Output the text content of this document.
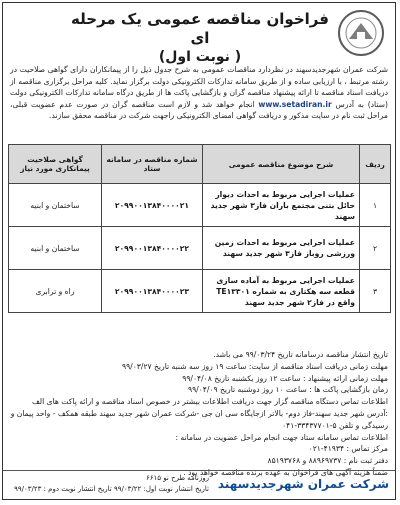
فراخوان مناقصه عمومی یک مرحله ای
( نوبت اول)
شرکت عمران شهرجدیدسهند در نظردارد مناقصات عمومی به شرح جدول ذیل را از پیمانکاران دارای گواهی صلاحیت در رشته مرتبط ، با ارزیابی ساده و از طریق سامانه تدارکات الکترونیکی دولت برگزار نماید. کلیه مراحل برگزاری مناقصه از دریافت اسناد مناقصه تا ارائه پیشنهاد مناقصه گران و بازگشایی پاکت ها از طریق درگاه سامانه تدارکات الکترونیکی دولت (ستاد) به آدرس www.setadiran.ir انجام خواهد شد و لازم است مناقصه گران در صورت عدم عضویت قبلی، مراحل ثبت نام در سایت مذکور و دریافت گواهی امضای الکترونیکی راجهت شرکت در مناقصه محقق سازند.
ردیف	شرح موضوع مناقصه عمومی	شماره مناقصه در سامانه ستاد	گواهی صلاحیت پیمانکاری مورد نیاز
۱	عملیات اجرایی مربوط به احداث دیوار حائل بتنی مجتمع باران فاز۳ شهر جدید سهند	۲۰۹۹۰۰۱۳۸۴۰۰۰۰۲۱	ساختمان و ابنیه
۲	عملیات اجرایی مربوط به احداث زمین ورزشی روباز فاز۳ شهر جدید سهند	۲۰۹۹۰۰۱۳۸۴۰۰۰۰۲۲	ساختمان و ابنیه
۳	عملیات اجرایی مربوط به آماده سازی قطعه سه هکتاری به شماره TE۱۳۳۰۱ واقع در فاز۲ شهر جدید سهند	۲۰۹۹۰۰۱۳۸۴۰۰۰۰۲۳	راه و ترابری

تاریخ انتشار مناقصه درسامانه تاریخ ۹۹/۰۳/۲۴ می باشد.

مهلت زمانی دریافت اسناد مناقصه از سایت: ساعت ۱۹ روز سه شنبه تاریخ ۹۹/۰۳/۲۷

مهلت زمانی ارائه پیشنهاد : ساعت ۱۲ روز یکشنبه تاریخ ۹۹/۰۴/۰۸

زمان بازگشایی پاکت ها : ساعت ۱۰ روز دوشنبه تاریخ ۹۹/۰۴/۰۹

اطلاعات تماس دستگاه مناقصه گزار جهت دریافت اطلاعات بیشتر در خصوص اسناد مناقصه و ارائه پاکت های الف :آدرس شهر جدید سهند-فاز دوم- بالاتر ازجایگاه سی ان جی -شرکت عمران شهر جدید سهند طبقه همکف - واحد پیمان و رسیدگی و تلفن ۵-۳۳۴۳۷۷۰۱-۰۴۱

اطلاعات تماس سامانه ستاد جهت انجام مراحل عضویت در سامانه :

مرکز تماس : ۴۱۹۳۴-۰۲۱

دفتر ثبت نام : ۸۸۹۶۹۷۳۷ و ۸۵۱۹۳۷۶۸

ضمناً هزینه آگهی های فراخوان به عهده برنده مناقصه خواهد بود .

شرکت عمران شهرجدیدسهند
روزنامه طرح نو ۶۶۱۵
تاریخ انتشار نوبت اول: ۹۹/۰۳/۲۲ تاریخ انتشار نوبت دوم : ۹۹/۰۳/۲۳
